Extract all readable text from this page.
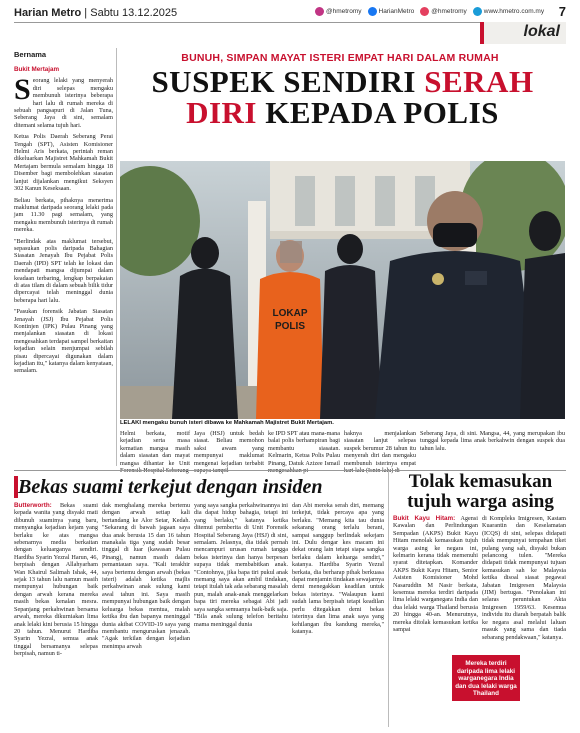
Harian Metro | Sabtu 13.12.2025	@hmetromy	HarianMetro	@hmetromy	www.hmetro.com.my 7
lokal
Bernama	BUNUH, SIMPAN MAYAT ISTERI EMPAT HARI DALAM RUMAH
SUSPEK SENDIRI SERAH
DIRI KEPADA POLIS
Bukit Mertajam

Seorang lelaki yang menyerah diri selepas mengaku membunuh isterinya beberapa hari lalu di rumah mereka di sebuah pangsapuri di Jalan Tuna, Seberang Jaya di sini, semalam ditemani selama tujuh hari.

Ketua Polis Daerah Seberang Perai Tengah (SPT), Asisten Komisioner Helmi Aris berkata, perintah reman dikeluarkan Majistret Mahkamah Bukit Mertajam bermula semalam hingga 18 Disember bagi membolehkan siasatan lanjut dijalankan mengikut Seksyen 302 Kanun Keseksaan.

Beliau berkata, pihaknya menerima maklumat daripada seorang lelaki pada jam 11.30 pagi semalam, yang mengaku membunuh isterinya di rumah mereka.

"Berlindak atas maklumat tersebut, sepasukan polis daripada Bahagian Siasatan Jenayah Ibu Pejabat Polis Daerah (IPD) SPT telah ke lokasi dan mendapati mangsa dijumpai dalam keadaan terbaring, lengkap berpakaian di atas tilam di dalam sebuah bilik tidur dipercayai telah meninggal dunia beberapa hari lalu.

"Pasukan forensik Jabatan Siasatan Jenayah (JSJ) Ibu Pejabat Polis Kontinjen (IPK) Pulau Pinang yang menjalankan siasatan di lokasi mengesahkan terdapat sampel berkaitan kejadian selain menjumpai sebilah pisau dipercayai digunakan dalam kejadian itu," katanya dalam kenyataan, semalam.

LOKAP
POLIS
LELAKI mengaku bunuh isteri dibawa ke Mahkamah Majistret Bukit Mertajam.
Helmi berkata, motif kejadian serta masa kematian mangsa masih dalam siasatan dan mayat mangsa dihantar ke Unit
Jaya (HSJ) untuk bedah siasat. Beliau memohon saksi awam yang mempunyai maklumat mengenai kejadian terbabit
ke IPD SPT atau mana-mana balai polis berhampiran bagi membantu siasatan. Kelmarin, Ketua Polis Pulau Pinang, Datuk Azizee Ismail
haknya menjalankan siasatan lanjut selepas suspek berumur 28 tahun itu menyerah diri dan mengaku membunuh isterinya empat
Seberang Jaya, di sini. Mangsa, 44, yang merupakan ibu tunggal kepada lima anak berkahwin dengan suspek dua tahun lalu.
Bekas suami terkejut dengan insiden
Butterworth: Bekas suami kepada wanita yang disyaki mati dibunuh suaminya yang baru, menyangka kejadian kejam yang berlaku ke atas mangsa sebenarnya media berkaitan dengan keluarganya sendiri. Hardiba Syarin Yezral Harun, 46, berpisah dengan Allahyarham Wan Khairul Salimah Ishak, 44, sejak 13 tahun lalu namun masih mempunyai hubungan baik dengan arwah kerana mereka masih bekas kenalan mesra. Sepanjang perkahwinan bersama arwah, mereka dikurniakan lima anak lelaki kini berusia 15 hingga 20 tahun. Menurut Hardiba Syarin Yezral, semua anak tinggal bersamanya selepas berpisah, namun ti-
dak menghalang mereka bertemu dengan arwah setiap kali bertandang ke Alor Setar, Kedah. "Sekarang di bawah jagaan saya dua anak berusia 15 dan 16 tahun manakala tiga yang sudah besar tinggal di luar (kawasan Pulau Pinang), namun masih dalam pemantauan saya. "Kali terakhir saya bertemu dengan arwah (bekas isteri) adalah ketika majlis perkahwinan anak sulung kami awal tahun ini. Saya masih mempunyai hubungan baik dengan keluarga bekas mentua, malah ketika ibu dan bapanya meninggal dunia akibat COVID-19 saya yang membantu menguruskan jenazah. "Agak terkilan dengan kejadian menimpa arwah
yang saya sangka perkahwinannya ini dia dapat hidup bahagia, tetapi ini yang berlaku," katanya ketika ditemui pemberita di Unit Forensik Hospital Seberang Jaya (HSJ) di sini, semalam. Jelasnya, dia tidak pernah mencampuri urusan rumah tangga bekas isterinya dan hanya berpesan supaya tidak membabitkan anak. "Contohnya, jika bapa tiri pukul anak memang saya akan ambil tindakan, tetapi itulah tak ada sebarang masalah pun, malah anak-anak menggelarkan bapa tiri mereka sebagai Abi jadi saya sangka semuanya baik-baik saja. "Bila anak sulung telefon beritahu mama meninggal dunia
dan Abi mereka serah diri, memang terkejut, tidak percaya apa yang berlaku. "Memang kita tau dunia sekarang orang terlalu berani, sampai sanggup berlindak sekejam ini. Dulu dengar kes macam ini dekat orang lain tetapi siapa sangka berlaku dalam keluarga sendiri," katanya. Hardiba Syarin Yezral berkata, dia berharap pihak berkuasa dapat menjamin tindakan sewajarnya demi menegakkan keadilan untuk bekas isterinya. "Walaupun kami sudah lama berpisah tetapi keadilan perlu ditegakkan demi bekas isterinya dan lima anak saya yang kehilangan ibu kandung mereka," katanya.
Tolak kemasukan tujuh warga asing
Bukit Kayu Hitam: Agensi Kawalan dan Perlindungan Sempadan (AKPS) Bukit Kayu Hitam menolak kemasukan tujuh warga asing ke negara ini, kelmarin kerana tidak memenuhi syarat ditetapkan. Komander AKPS Bukit Kayu Hitam, Senior Asisten Komisioner Mohd Nasaruddin M Nasir berkata, kesemua mereka terdiri daripada lima lelaki warganegara India dan dua lelaki warga Thailand berusia 20 hingga 40-an. Menurutnya, mereka ditolak kemasukan ketika sampai
di Kompleks Imigresen, Kastam Kuarantin dan Keselamatan (ICQS) di sini, selepas didapati tidak mempunyai tempahan tiket pulang yang sah, disyaki bukan pelancong tulen. "Mereka didapati tidak mempunyai tujuan kemasukan sah ke Malaysia ketika disoal siasat pegawai Jabatan Imigresen Malaysia (JIM) bertugas. "Penolakan ini selaras peruntukan Akta Imigresen 1959/63. Kesemua individu itu diarah berpatah balik ke negara asal melalui laluan masuk yang sama dan tiada sebarang pendakwaan," katanya.
Mereka terdiri daripada lima lelaki warganegara India dan dua lelaki warga Thailand
